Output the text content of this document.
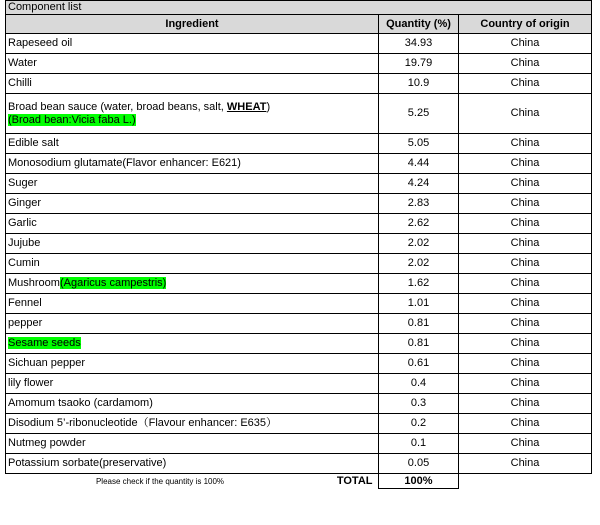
Component list		
Ingredient	Quantity (%)	Country of origin
Rapeseed oil	34.93	China
Water	19.79	China
Chilli	10.9	China

Broad bean sauce (water, broad beans, salt, WHEAT)
(Broad bean:Vicia faba L.)	5.25	China
Edible salt	5.05	China
Monosodium glutamate(Flavor enhancer: E621)	4.44	China
Suger	4.24	China
Ginger	2.83	China
Garlic	2.62	China
Jujube	2.02	China
Cumin	2.02	China
Mushroom(Agaricus campestris)	1.62	China
Fennel	1.01	China
pepper	0.81	China
Sesame seeds	0.81	China
Sichuan pepper	0.61	China
lily flower	0.4	China
Amomum tsaoko (cardamom)	0.3	China
Disodium 5’-ribonucleotide（Flavour enhancer: E635）	0.2	China
Nutmeg powder	0.1	China
Potassium sorbate(preservative)	0.05	China
Please check if the quantity is 100% TOTAL	100%	
